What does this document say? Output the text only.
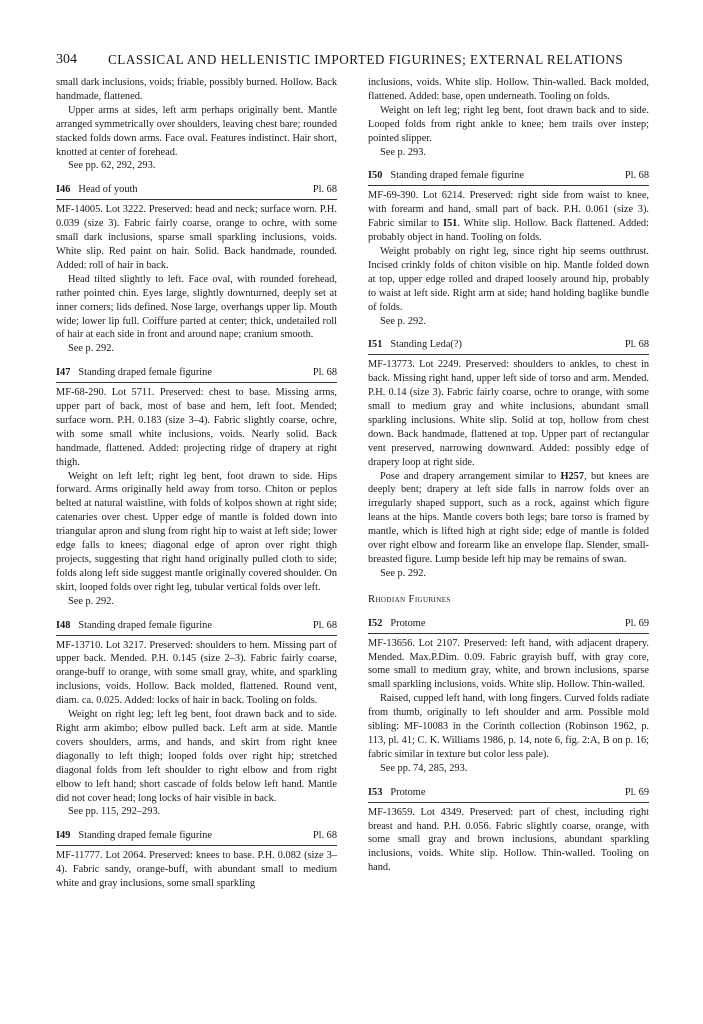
304 CLASSICAL AND HELLENISTIC IMPORTED FIGURINES; EXTERNAL RELATIONS

small dark inclusions, voids; friable, possibly burned. Hollow. Back handmade, flattened.

Upper arms at sides, left arm perhaps originally bent. Mantle arranged symmetrically over shoulders, leaving chest bare; rounded stacked folds down arms. Face oval. Features indistinct. Hair short, knotted at center of forehead.

See pp. 62, 292, 293.

I46 Head of youth	Pl. 68

MF-14005. Lot 3222. Preserved: head and neck; surface worn. P.H. 0.039 (size 3). Fabric fairly coarse, orange to ochre, with some small dark inclusions, sparse small sparkling inclusions, voids. White slip. Red paint on hair. Solid. Back handmade, rounded. Added: roll of hair in back.

Head tilted slightly to left. Face oval, with rounded forehead, rather pointed chin. Eyes large, slightly downturned, deeply set at inner corners; lids defined. Nose large, overhangs upper lip. Mouth wide; lower lip full. Coiffure parted at center; thick, undetailed roll of hair at each side in front and around nape; cranium smooth.

See p. 292.

I47 Standing draped female figurine	Pl. 68

MF-68-290. Lot 5711. Preserved: chest to base. Missing arms, upper part of back, most of base and hem, left foot. Mended; surface worn. P.H. 0.183 (size 3–4). Fabric slightly coarse, ochre, with some small white inclusions, voids. Nearly solid. Back handmade, flattened. Added: projecting ridge of drapery at right thigh.

Weight on left left; right leg bent, foot drawn to side. Hips forward. Arms originally held away from torso. Chiton or peplos belted at natural waistline, with folds of kolpos shown at right side; catenaries over chest. Upper edge of mantle is folded down into triangular apron and slung from right hip to waist at left side; lower edge falls to knees; diagonal edge of apron over right thigh projects, suggesting that right hand originally pulled cloth to side; folds along left side suggest mantle originally covered shoulder. On skirt, looped folds over right leg, tubular vertical folds over left.

See p. 292.

I48 Standing draped female figurine	Pl. 68

MF-13710. Lot 3217. Preserved: shoulders to hem. Missing part of upper back. Mended. P.H. 0.145 (size 2–3). Fabric fairly coarse, orange-buff to orange, with some small gray, white, and sparkling inclusions, voids. Hollow. Back molded, flattened. Round vent, diam. ca. 0.025. Added: locks of hair in back. Tooling on folds.

Weight on right leg; left leg bent, foot drawn back and to side. Right arm akimbo; elbow pulled back. Left arm at side. Mantle covers shoulders, arms, and hands, and skirt from right knee diagonally to left thigh; looped folds over right hip; stretched diagonal folds from left shoulder to right elbow and from right elbow to left hand; short cascade of folds below left hand. Mantle did not cover head; long locks of hair visible in back.

See pp. 115, 292–293.

I49 Standing draped female figurine	Pl. 68

MF-11777. Lot 2064. Preserved: knees to base. P.H. 0.082 (size 3–4). Fabric sandy, orange-buff, with abundant small to medium white and gray inclusions, some small sparkling

inclusions, voids. White slip. Hollow. Thin-walled. Back molded, flattened. Added: base, open underneath. Tooling on folds.

Weight on left leg; right leg bent, foot drawn back and to side. Looped folds from right ankle to knee; hem trails over instep; pointed slipper.

See p. 293.

I50 Standing draped female figurine	Pl. 68

MF-69-390. Lot 6214. Preserved: right side from waist to knee, with forearm and hand, small part of back. P.H. 0.061 (size 3). Fabric similar to I51. White slip. Hollow. Back flattened. Added: probably object in hand. Tooling on folds.

Weight probably on right leg, since right hip seems outthrust. Incised crinkly folds of chiton visible on hip. Mantle folded down at top, upper edge rolled and draped loosely around hip, probably to waist at left side. Right arm at side; hand holding baglike bundle of folds.

See p. 292.

I51 Standing Leda(?)	Pl. 68

MF-13773. Lot 2249. Preserved: shoulders to ankles, to chest in back. Missing right hand, upper left side of torso and arm. Mended. P.H. 0.14 (size 3). Fabric fairly coarse, ochre to orange, with some small to medium gray and white inclusions, abundant small sparkling inclusions. White slip. Solid at top, hollow from chest down. Back handmade, flattened at top. Upper part of rectangular vent preserved, narrowing downward. Added: possibly edge of drapery loop at right side.

Pose and drapery arrangement similar to H257, but knees are deeply bent; drapery at left side falls in narrow folds over an irregularly shaped support, such as a rock, against which figure leans at the hips. Mantle covers both legs; bare torso is framed by mantle, which is lifted high at right side; edge of mantle is folded over right elbow and forearm like an envelope flap. Slender, small-breasted figure. Lump beside left hip may be remains of swan.

See p. 292.

Rhodian Figurines
I52 Protome	Pl. 69

MF-13656. Lot 2107. Preserved: left hand, with adjacent drapery. Mended. Max.P.Dim. 0.09. Fabric grayish buff, with gray core, some small to medium gray, white, and brown inclusions, sparse small sparkling inclusions, voids. White slip. Hollow. Thin-walled.

Raised, cupped left hand, with long fingers. Curved folds radiate from thumb, originally to left shoulder and arm. Possible mold sibling: MF-10083 in the Corinth collection (Robinson 1962, p. 113, pl. 41; C. K. Williams 1986, p. 14, note 6, fig. 2:A, B on p. 16; fabric similar in texture but color less pale).

See pp. 74, 285, 293.

I53 Protome	Pl. 69

MF-13659. Lot 4349. Preserved: part of chest, including right breast and hand. P.H. 0.056. Fabric slightly coarse, orange, with some small gray and brown inclusions, abundant sparkling inclusions, voids. White slip. Hollow. Thin-walled. Tooling on hand.
